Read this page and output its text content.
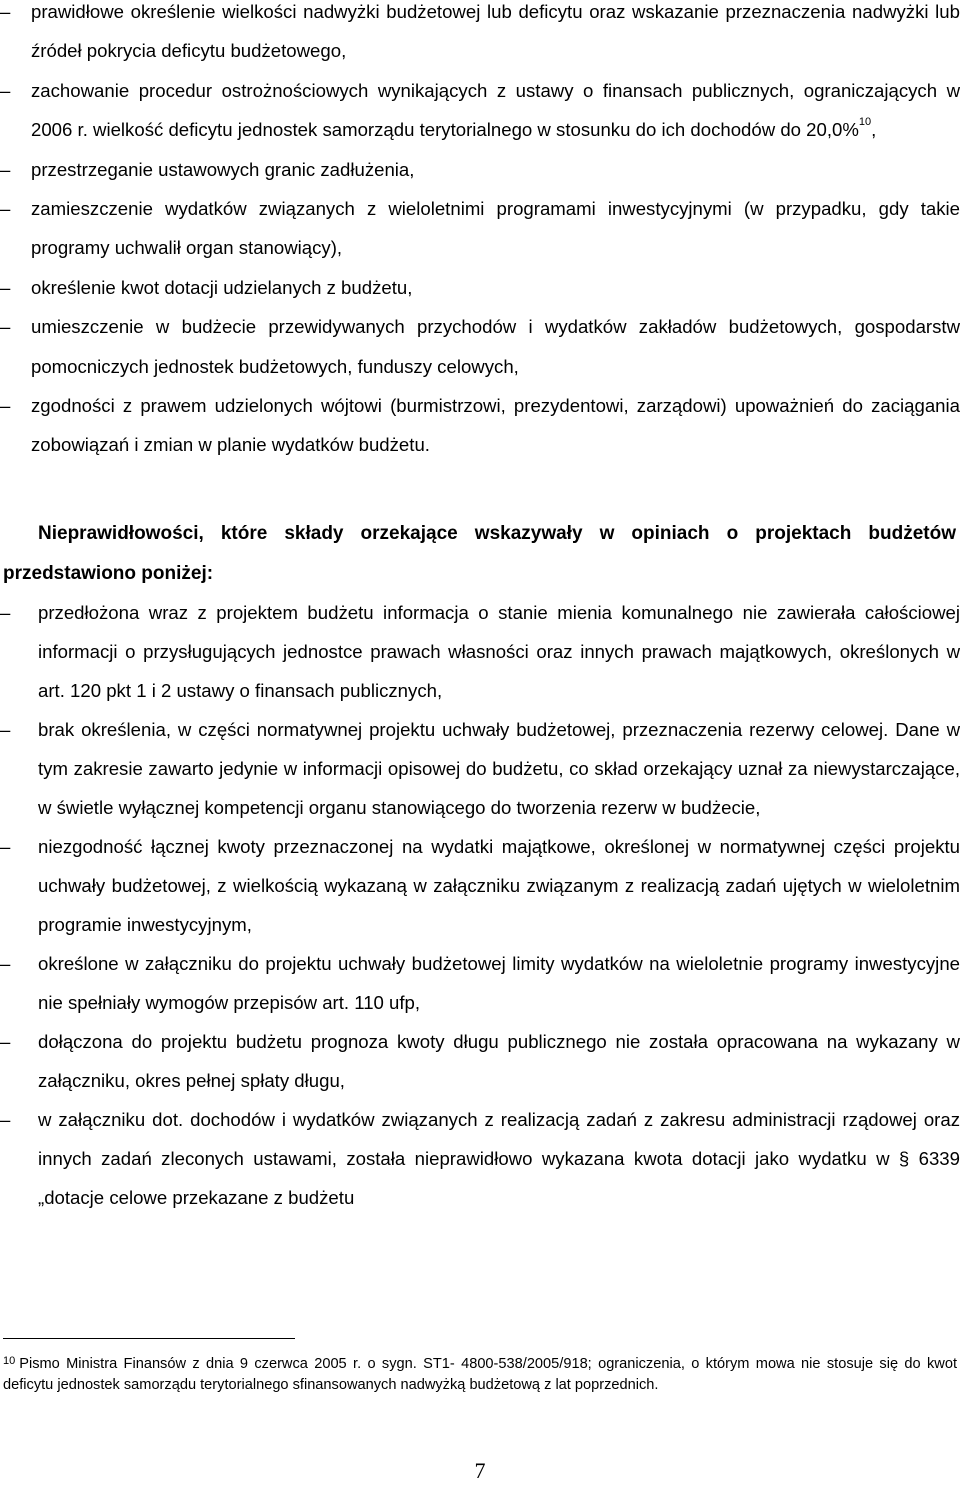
–	prawidłowe określenie wielkości nadwyżki budżetowej lub deficytu oraz wskazanie przeznaczenia nadwyżki lub źródeł pokrycia deficytu budżetowego,
–	zachowanie procedur ostrożnościowych wynikających z ustawy o finansach publicznych, ograniczających w 2006 r. wielkość deficytu jednostek samorządu terytorialnego w stosunku do ich dochodów do 20,0%$^{10}$,
–	przestrzeganie ustawowych granic zadłużenia,
–	zamieszczenie wydatków związanych z wieloletnimi programami inwestycyjnymi (w przypadku, gdy takie programy uchwalił organ stanowiący),
–	określenie kwot dotacji udzielanych z budżetu,
–	umieszczenie w budżecie przewidywanych przychodów i wydatków zakładów budżetowych, gospodarstw pomocniczych jednostek budżetowych, funduszy celowych,
–	zgodności z prawem udzielonych wójtowi (burmistrzowi, prezydentowi, zarządowi) upoważnień do zaciągania zobowiązań i zmian w planie wydatków budżetu.
Nieprawidłowości, które składy orzekające wskazywały w opiniach o projektach budżetów przedstawiono poniżej:
–	przedłożona wraz z projektem budżetu informacja o stanie mienia komunalnego nie zawierała całościowej informacji o przysługujących jednostce prawach własności oraz innych prawach majątkowych, określonych w art. 120 pkt 1 i 2 ustawy o finansach publicznych,
–	brak określenia, w części normatywnej projektu uchwały budżetowej, przeznaczenia rezerwy celowej. Dane w tym zakresie zawarto jedynie w informacji opisowej do budżetu, co skład orzekający uznał za niewystarczające, w świetle wyłącznej kompetencji organu stanowiącego do tworzenia rezerw w budżecie,
–	niezgodność łącznej kwoty przeznaczonej na wydatki majątkowe, określonej w normatywnej części projektu uchwały budżetowej, z wielkością wykazaną w załączniku związanym z realizacją zadań ujętych w wieloletnim programie inwestycyjnym,
–	określone w załączniku do projektu uchwały budżetowej limity wydatków na wieloletnie programy inwestycyjne nie spełniały wymogów przepisów art. 110 ufp,
–	dołączona do projektu budżetu prognoza kwoty długu publicznego nie została opracowana na wykazany w załączniku, okres pełnej spłaty długu,
–	w załączniku dot. dochodów i wydatków związanych z realizacją zadań z zakresu administracji rządowej oraz innych zadań zleconych ustawami, została nieprawidłowo wykazana kwota dotacji jako wydatku w § 6339 „dotacje celowe przekazane z budżetu
$^{10}$ Pismo Ministra Finansów z dnia 9 czerwca 2005 r. o sygn. ST1- 4800-538/2005/918; ograniczenia, o którym mowa nie stosuje się do kwot deficytu jednostek samorządu terytorialnego sfinansowanych nadwyżką budżetową z lat poprzednich.
7
